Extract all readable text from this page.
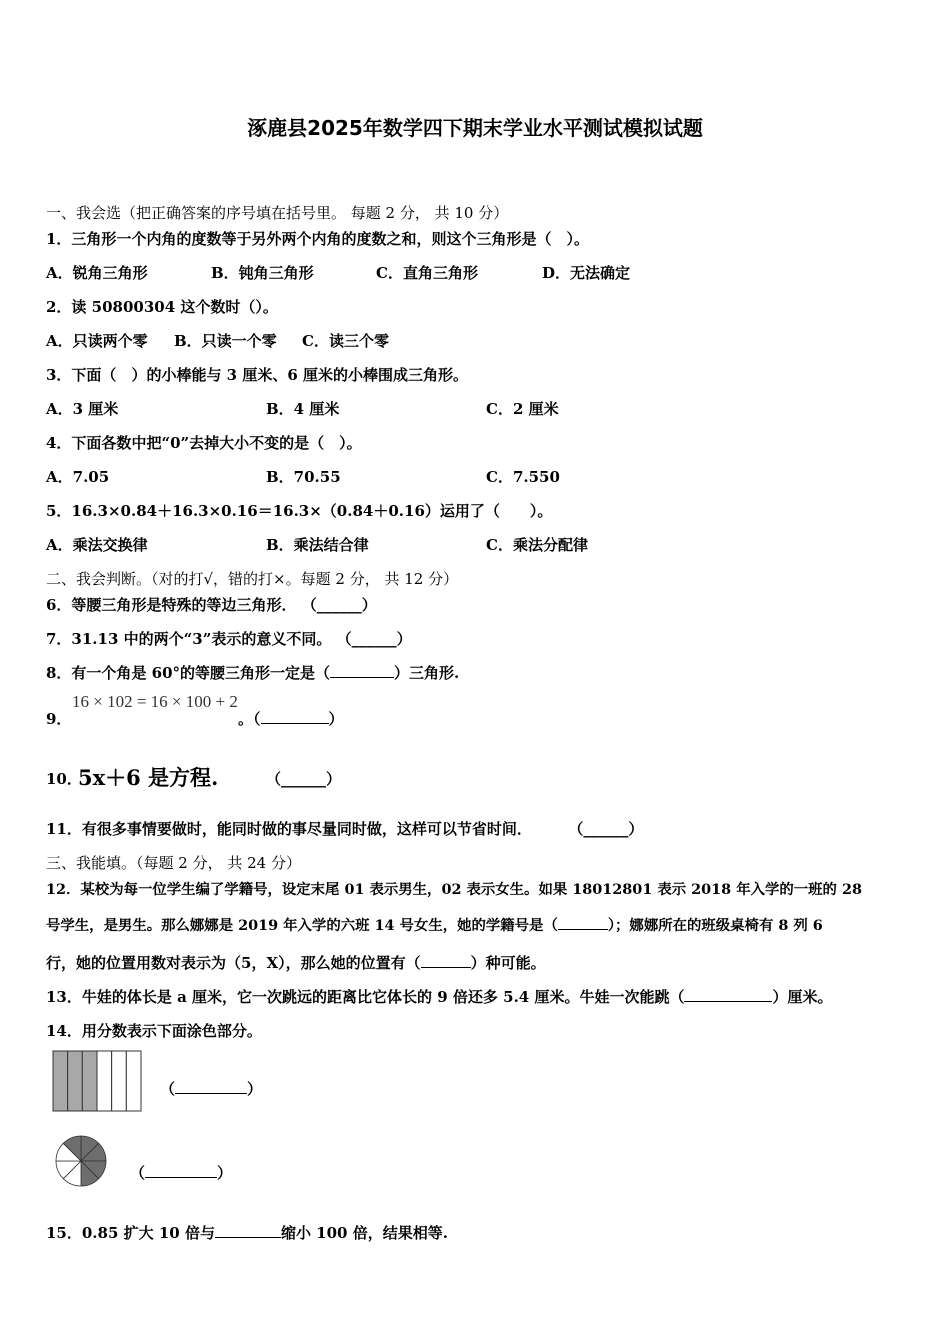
涿鹿县2025年数学四下期末学业水平测试模拟试题
一、我会选（把正确答案的序号填在括号里。 每题 2 分， 共 10 分）
1．三角形一个内角的度数等于另外两个内角的度数之和，则这个三角形是（　）。
A．锐角三角形	B．钝角三角形	C．直角三角形	D．无法确定
2．读 50800304 这个数时（）。
A．只读两个零 B．只读一个零 C．读三个零
3．下面（　）的小棒能与 3 厘米、6 厘米的小棒围成三角形。
A．3 厘米	B．4 厘米	C．2 厘米
4．下面各数中把“0”去掉大小不变的是（　）。
A．7.05	B．70.55	C．7.550
5．16.3×0.84＋16.3×0.16＝16.3×（0.84＋0.16）运用了（　　）。
A．乘法交换律	B．乘法结合律	C．乘法分配律
二、我会判断。（对的打√，错的打×。每题 2 分， 共 12 分）
6．等腰三角形是特殊的等边三角形． （______）
7．31.13 中的两个“3”表示的意义不同。 （______）
8．有一个角是 60°的等腰三角形一定是（	）三角形.
9．
16 × 102 = 16 × 100 + 2
。（	）
10．
5x＋6 是方程.	（______）
11．有很多事情要做时，能同时做的事尽量同时做，这样可以节省时间． （______）
三、我能填。（每题 2 分， 共 24 分）
12．某校为每一位学生编了学籍号，设定末尾 01 表示男生，02 表示女生。如果 18012801 表示 2018 年入学的一班的 28
号学生，是男生。那么娜娜是 2019 年入学的六班 14 号女生，她的学籍号是（	）；娜娜所在的班级桌椅有 8 列 6
行，她的位置用数对表示为（5，X），那么她的位置有（	）种可能。
13．牛娃的体长是 a 厘米，它一次跳远的距离比它体长的 9 倍还多 5.4 厘米。牛娃一次能跳（	）厘米。
14．用分数表示下面涂色部分。
（	）
（	）
15．0.85 扩大 10 倍与	缩小 100 倍，结果相等.
